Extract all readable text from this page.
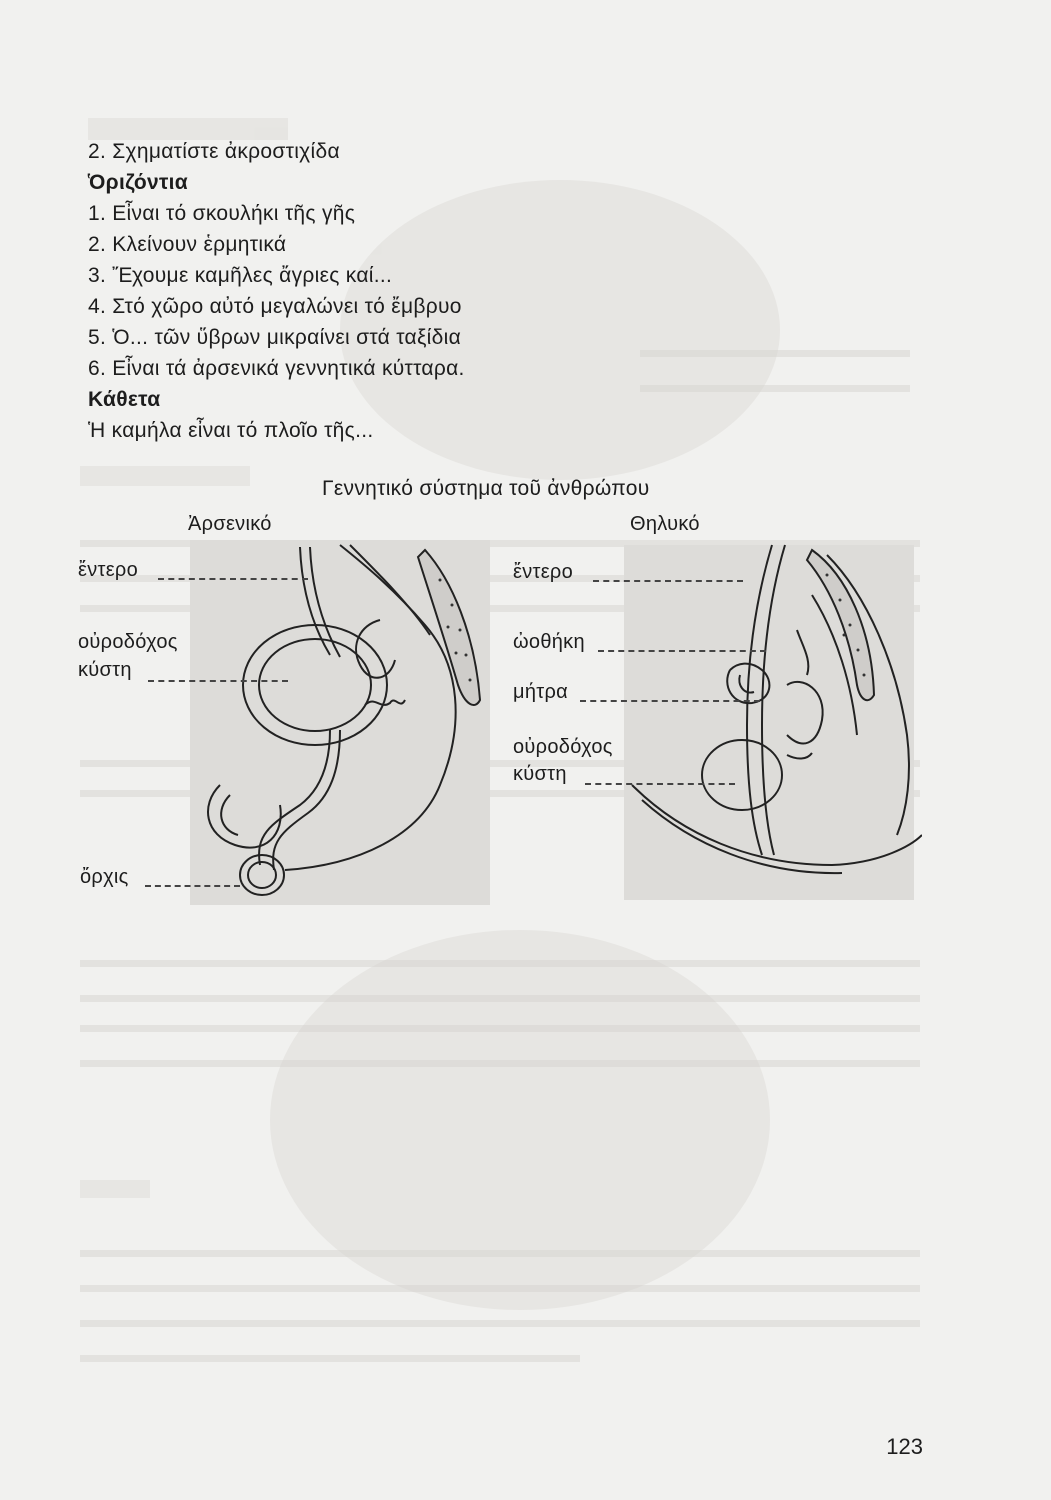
2. Σχηματίστε ἀκροστιχίδα
Ὁριζόντια
1. Εἶναι τό σκουλήκι τῆς γῆς
2. Κλείνουν ἑρμητικά
3. Ἔχουμε καμῆλες ἄγριες καί...
4. Στό χῶρο αὐτό μεγαλώνει τό ἔμβρυο
5. Ὁ... τῶν ὕβρων μικραίνει στά ταξίδια
6. Εἶναι τά ἀρσενικά γεννητικά κύτταρα.
Κάθετα
Ἡ καμήλα εἶναι τό πλοῖο τῆς...
Γεννητικό σύστημα τοῦ ἀνθρώπου
Ἀρσενικό	Θηλυκό
ἔντερο
οὐροδόχος
κύστη
ὄρχις
ἔντερο
ὠοθήκη
μήτρα
οὐροδόχος
κύστη
123
